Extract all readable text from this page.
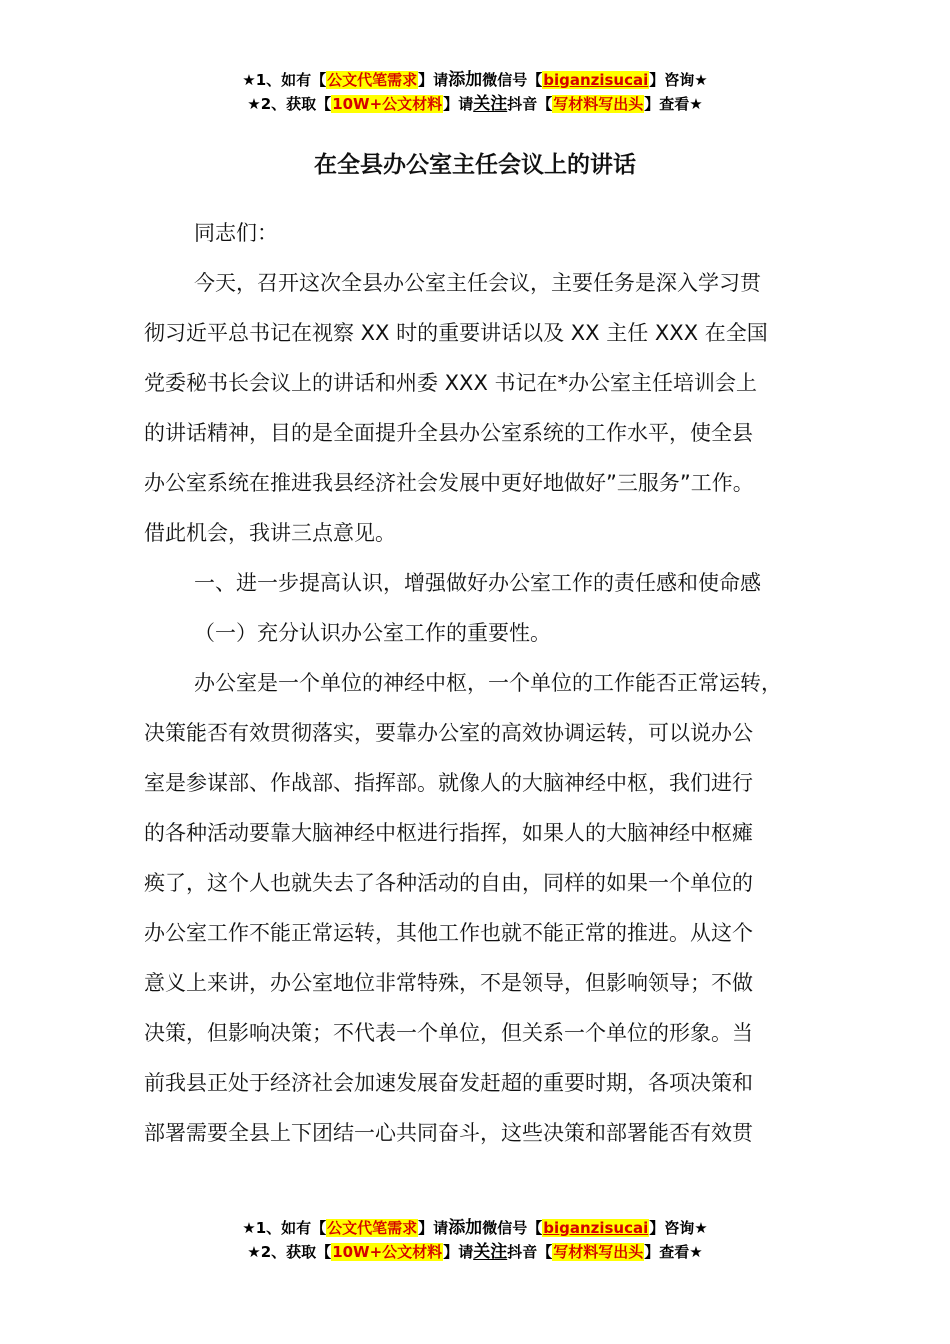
★1、如有【公文代笔需求】请添加微信号【biganzisucai】咨询★
★2、获取【10W+公文材料】请关注抖音【写材料写出头】查看★
在全县办公室主任会议上的讲话

同志们：

今天，召开这次全县办公室主任会议，主要任务是深入学习贯
彻习近平总书记在视察 XX 时的重要讲话以及 XX 主任 XXX 在全国
党委秘书长会议上的讲话和州委 XXX 书记在*办公室主任培训会上
的讲话精神，目的是全面提升全县办公室系统的工作水平，使全县
办公室系统在推进我县经济社会发展中更好地做好”三服务”工作。
借此机会，我讲三点意见。

一、进一步提高认识，增强做好办公室工作的责任感和使命感

（一）充分认识办公室工作的重要性。

办公室是一个单位的神经中枢，一个单位的工作能否正常运转，
决策能否有效贯彻落实，要靠办公室的高效协调运转，可以说办公
室是参谋部、作战部、指挥部。就像人的大脑神经中枢，我们进行
的各种活动要靠大脑神经中枢进行指挥，如果人的大脑神经中枢瘫
痪了，这个人也就失去了各种活动的自由，同样的如果一个单位的
办公室工作不能正常运转，其他工作也就不能正常的推进。从这个
意义上来讲，办公室地位非常特殊，不是领导，但影响领导；不做
决策，但影响决策；不代表一个单位，但关系一个单位的形象。当
前我县正处于经济社会加速发展奋发赶超的重要时期，各项决策和
部署需要全县上下团结一心共同奋斗，这些决策和部署能否有效贯

★1、如有【公文代笔需求】请添加微信号【biganzisucai】咨询★
★2、获取【10W+公文材料】请关注抖音【写材料写出头】查看★
